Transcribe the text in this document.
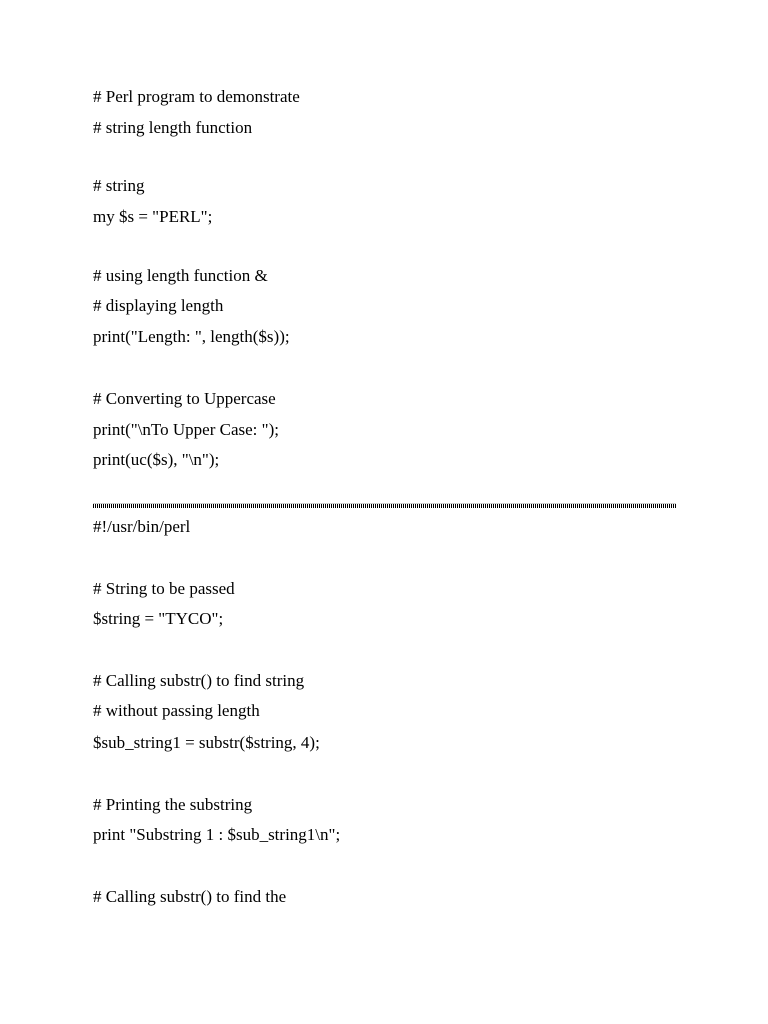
# Perl program to demonstrate

# string length function

# string

my $s = "PERL";

# using length function &

# displaying length

print("Length: ", length($s));

# Converting to Uppercase

print("\nTo Upper Case: ");

print(uc($s), "\n");

#!/usr/bin/perl

# String to be passed

$string = "TYCO";

# Calling substr() to find string

# without passing length

$sub_string1 = substr($string, 4);

# Printing the substring

print "Substring 1 : $sub_string1\n";

# Calling substr() to find the
